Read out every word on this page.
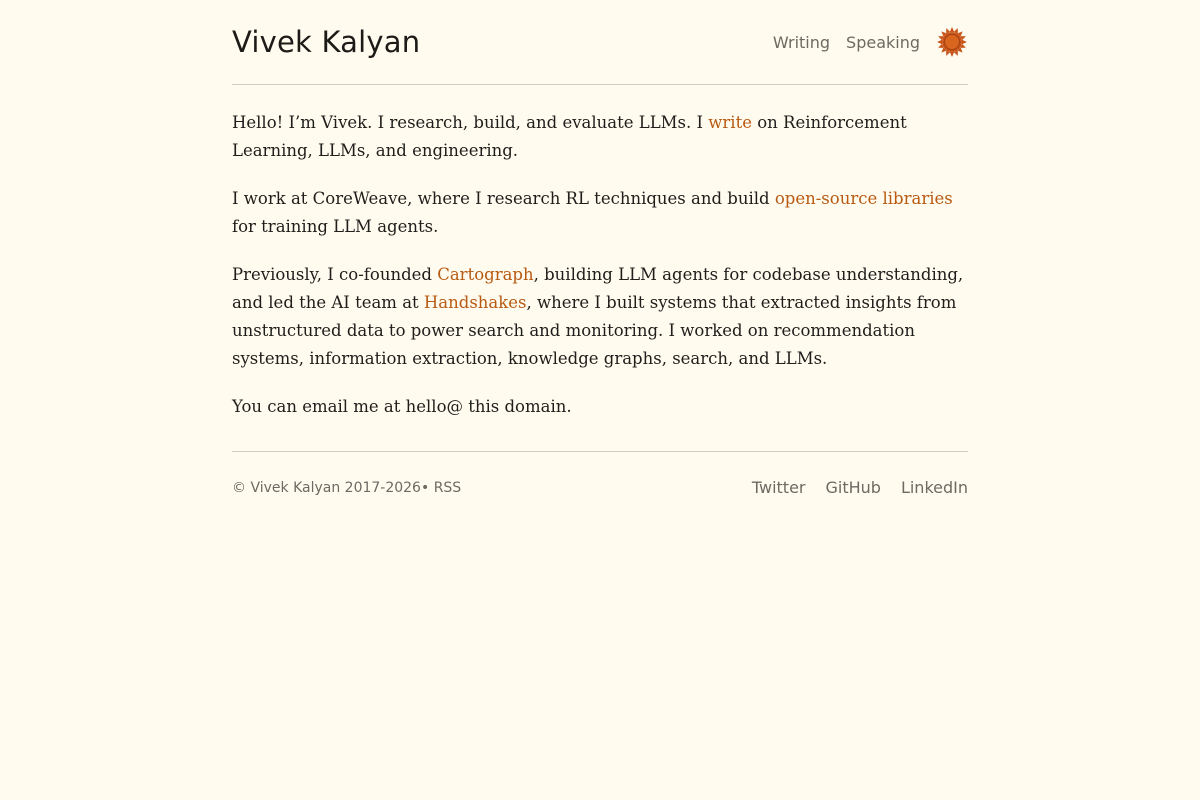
Vivek Kalyan	Writing Speaking

Hello! I’m Vivek. I research, build, and evaluate LLMs. I write on Reinforcement Learning, LLMs, and engineering.

I work at CoreWeave, where I research RL techniques and build open-source libraries for training LLM agents.

Previously, I co-founded Cartograph, building LLM agents for codebase understanding, and led the AI team at Handshakes, where I built systems that extracted insights from unstructured data to power search and monitoring. I worked on recommendation systems, information extraction, knowledge graphs, search, and LLMs.

You can email me at hello@ this domain.

© Vivek Kalyan 2017-2026• RSS	Twitter GitHub LinkedIn
